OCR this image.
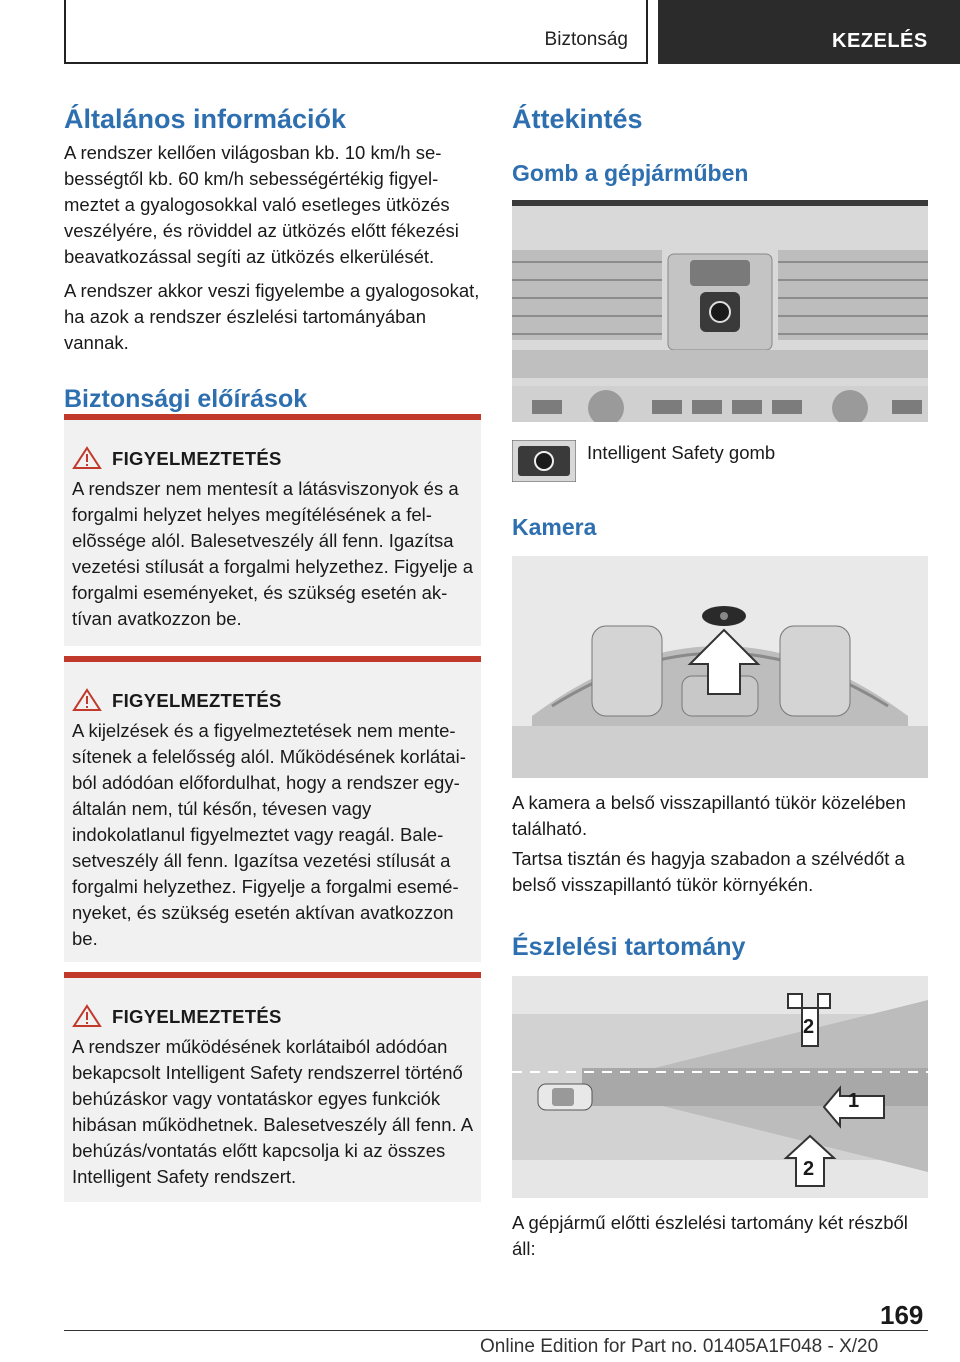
Biztonság	KEZELÉS
Általános információk

A rendszer kellően világosban kb. 10 km/h sebességtől kb. 60 km/h sebességértékig figyelmeztet a gyalogosokkal való esetleges ütközés veszélyére, és röviddel az ütközés előtt fékezési beavatkozással segíti az ütközés elkerülését.

A rendszer akkor veszi figyelembe a gyalogosokat, ha azok a rendszer észlelési tartományában vannak.

Biztonsági előírások
FIGYELMEZTETÉS
A rendszer nem mentesít a látásviszonyok és a forgalmi helyzet helyes megítélésének a felelõssége alól. Balesetveszély áll fenn. Igazítsa vezetési stílusát a forgalmi helyzethez. Figyelje a forgalmi eseményeket, és szükség esetén aktívan avatkozzon be.
FIGYELMEZTETÉS
A kijelzések és a figyelmeztetések nem mentesítenek a felelősség alól. Működésének korlátaiból adódóan előfordulhat, hogy a rendszer egyáltalán nem, túl későn, tévesen vagy indokolatlanul figyelmeztet vagy reagál. Balesetveszély áll fenn. Igazítsa vezetési stílusát a forgalmi helyzethez. Figyelje a forgalmi eseményeket, és szükség esetén aktívan avatkozzon be.
FIGYELMEZTETÉS
A rendszer működésének korlátaiból adódóan bekapcsolt Intelligent Safety rendszerrel történő behúzáskor vagy vontatáskor egyes funkciók hibásan működhetnek. Balesetveszély áll fenn. A behúzás/vontatás előtt kapcsolja ki az összes Intelligent Safety rendszert.
Áttekintés
Gomb a gépjárműben

Intelligent Safety gomb

Kamera

A kamera a belső visszapillantó tükör közelében található.

Tartsa tisztán és hagyja szabadon a szélvédőt a belső visszapillantó tükör környékén.

Észlelési tartomány
2
1
2

A gépjármű előtti észlelési tartomány két részből áll:

169
Online Edition for Part no. 01405A1F048 - X/20
